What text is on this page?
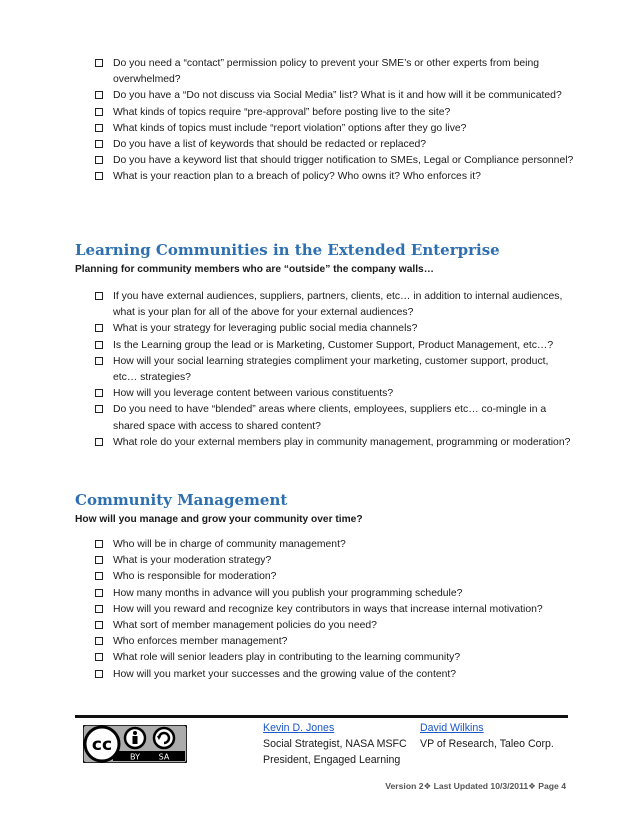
Do you need a “contact” permission policy to prevent your SME’s or other experts from being overwhelmed?
Do you have a “Do not discuss via Social Media” list? What is it and how will it be communicated?
What kinds of topics require “pre-approval” before posting live to the site?
What kinds of topics must include “report violation” options after they go live?
Do you have a list of keywords that should be redacted or replaced?
Do you have a keyword list that should trigger notification to SMEs, Legal or Compliance personnel?
What is your reaction plan to a breach of policy? Who owns it? Who enforces it?
Learning Communities in the Extended Enterprise

Planning for community members who are “outside” the company walls…

If you have external audiences, suppliers, partners, clients, etc… in addition to internal audiences, what is your plan for all of the above for your external audiences?
What is your strategy for leveraging public social media channels?
Is the Learning group the lead or is Marketing, Customer Support, Product Management, etc…?
How will your social learning strategies compliment your marketing, customer support, product, etc… strategies?
How will you leverage content between various constituents?
Do you need to have “blended” areas where clients, employees, suppliers etc… co-mingle in a shared space with access to shared content?
What role do your external members play in community management, programming or moderation?
Community Management

How will you manage and grow your community over time?

Who will be in charge of community management?
What is your moderation strategy?
Who is responsible for moderation?
How many months in advance will you publish your programming schedule?
How will you reward and recognize key contributors in ways that increase internal motivation?
What sort of member management policies do you need?
Who enforces member management?
What role will senior leaders play in contributing to the learning community?
How will you market your successes and the growing value of the content?
cc
BY SA
Kevin D. Jones
Social Strategist, NASA MSFC
President, Engaged Learning
David Wilkins
VP of Research, Taleo Corp.
Version 2❖ Last Updated 10/3/2011❖ Page 4
